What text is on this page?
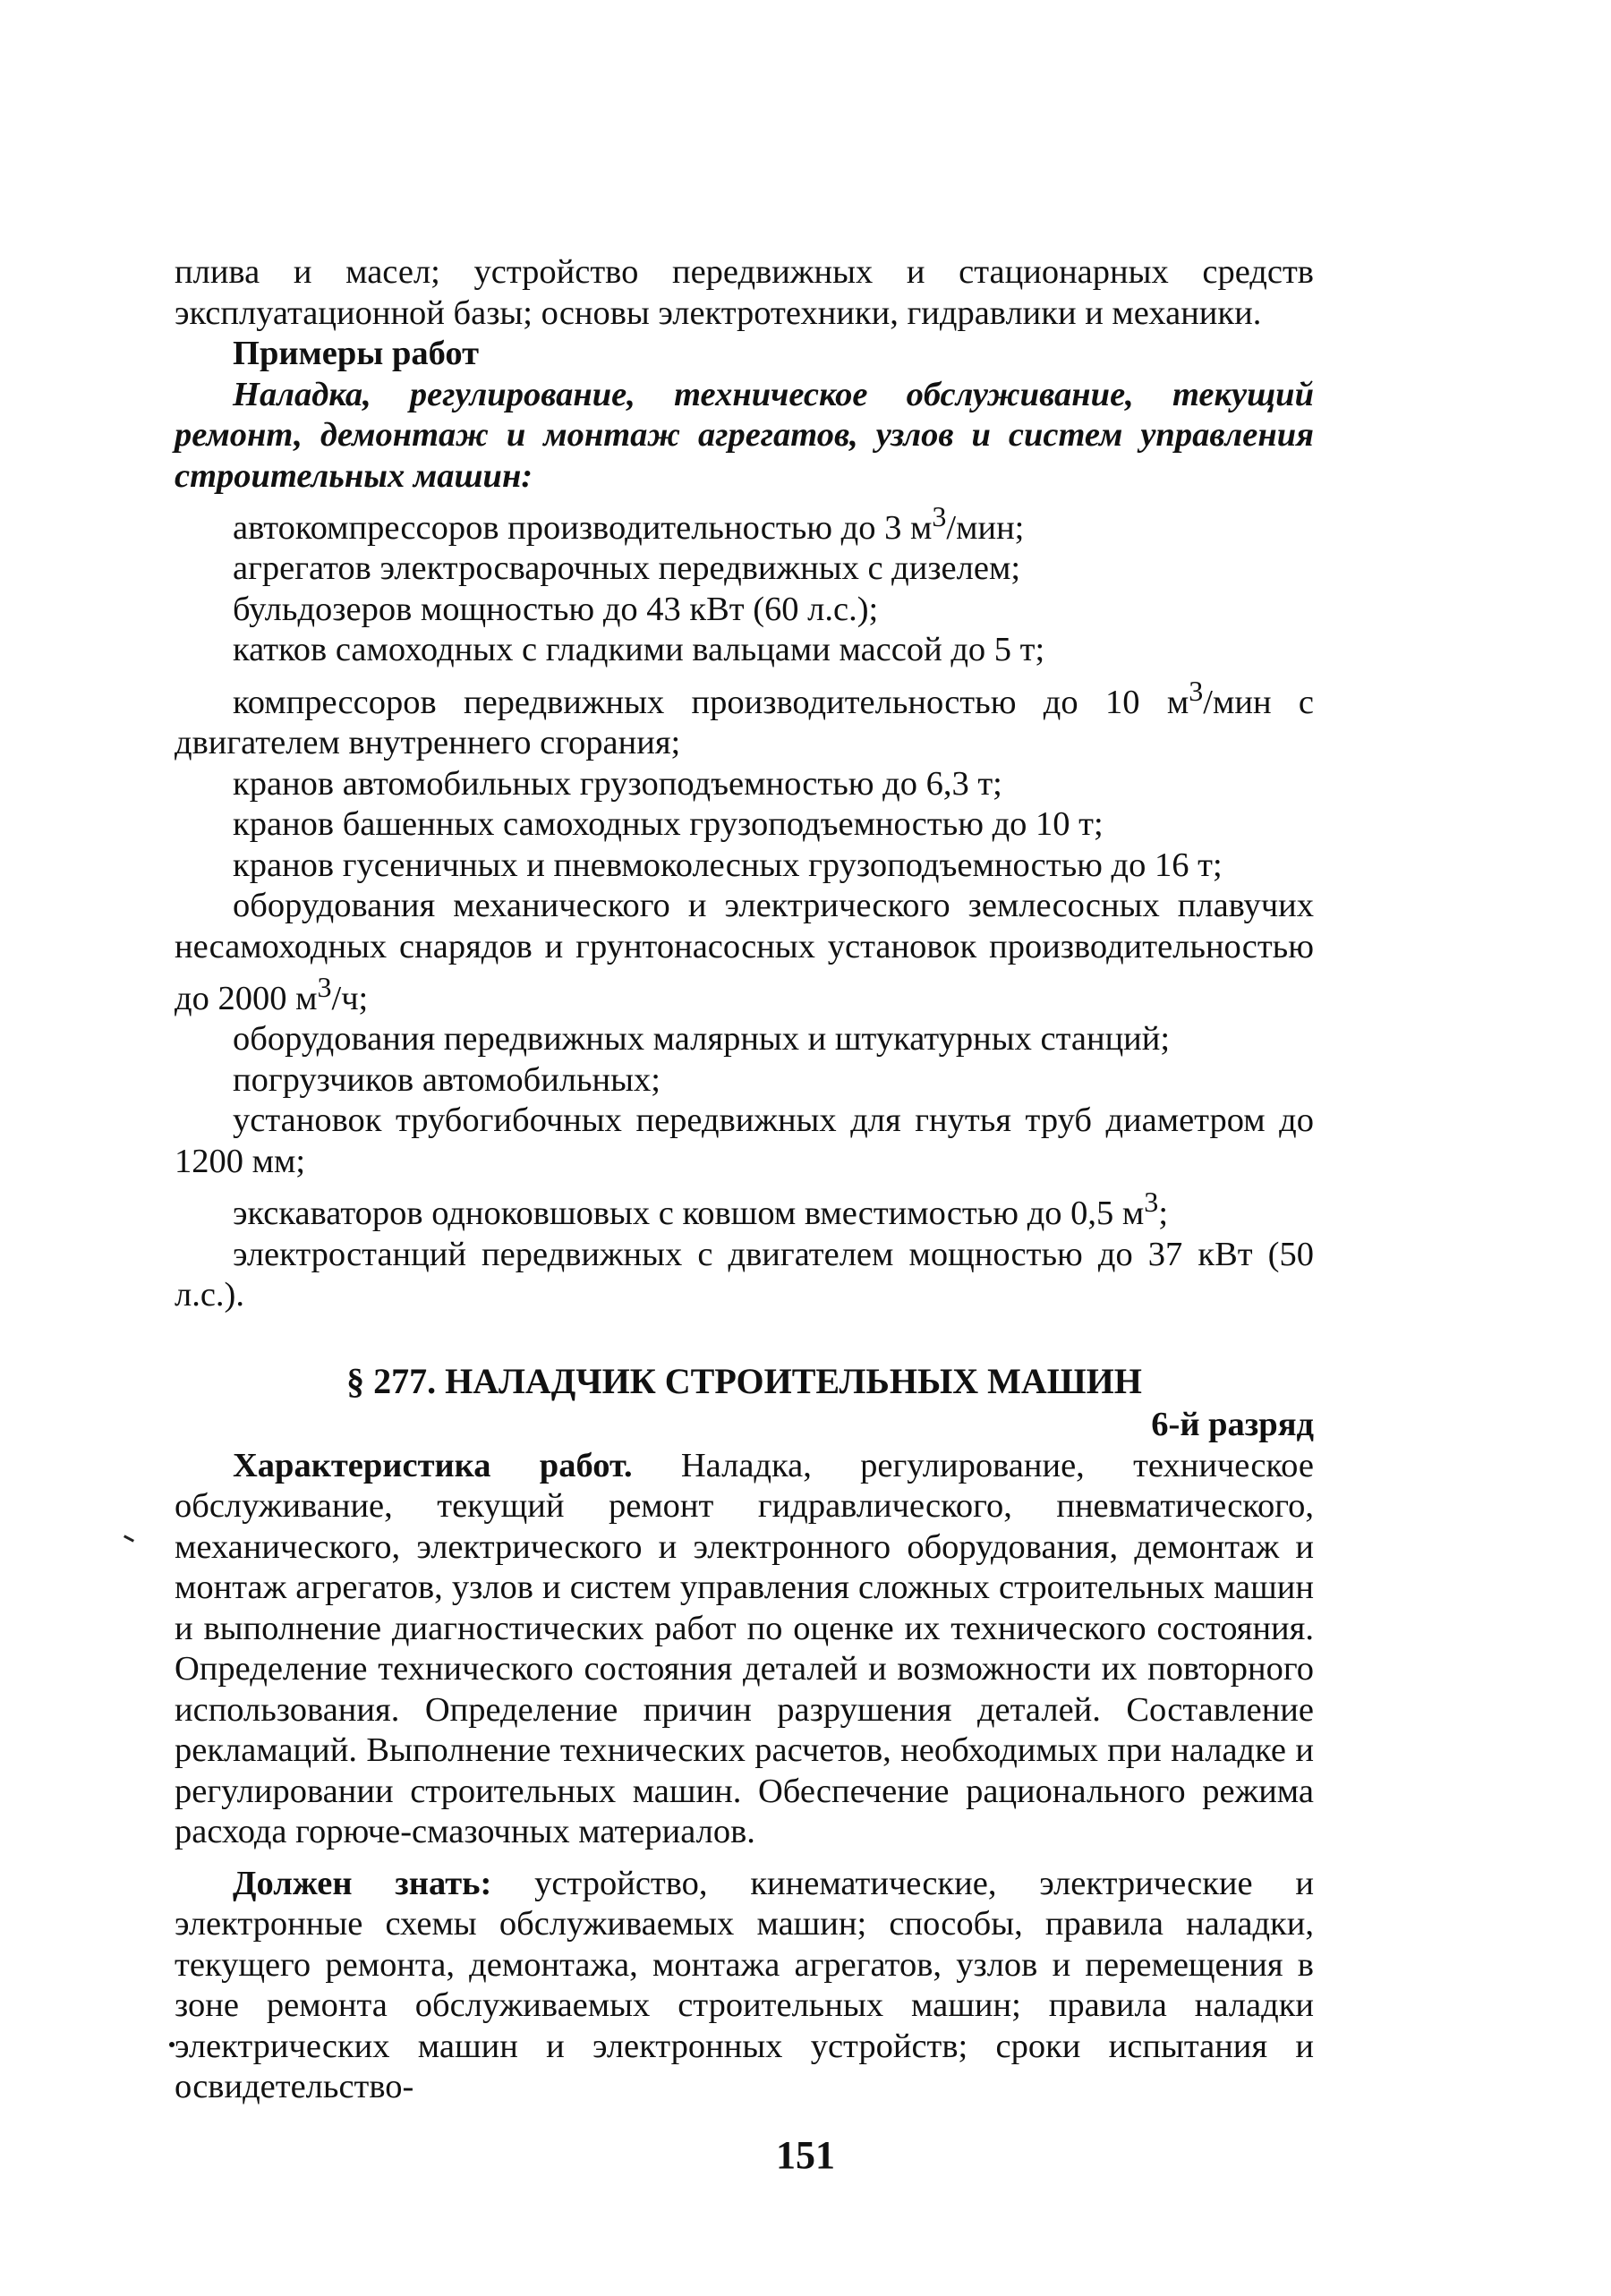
плива и масел; устройство передвижных и стационарных средств эксплуатационной базы; основы электротехники, гидравлики и механики.

Примеры работ

Наладка, регулирование, техническое обслуживание, текущий ремонт, демонтаж и монтаж агрегатов, узлов и систем управления строительных машин:

автокомпрессоров производительностью до 3 $м^3$/мин;

агрегатов электросварочных передвижных с дизелем;

бульдозеров мощностью до 43 кВт (60 л.с.);

катков самоходных с гладкими вальцами массой до 5 т;

компрессоров передвижных производительностью до 10 $м^3$/мин с двигателем внутреннего сгорания;

кранов автомобильных грузоподъемностью до 6,3 т;

кранов башенных самоходных грузоподъемностью до 10 т;

кранов гусеничных и пневмоколесных грузоподъемностью до 16 т;

оборудования механического и электрического землесосных плавучих несамоходных снарядов и грунтонасосных установок производительностью до 2000 $м^3/ч$;

оборудования передвижных малярных и штукатурных станций;

погрузчиков автомобильных;

установок трубогибочных передвижных для гнутья труб диаметром до 1200 мм;

экскаваторов одноковшовых с ковшом вместимостью до 0,5 $м^3$;

электростанций передвижных с двигателем мощностью до 37 кВт (50 л.с.).

§ 277. НАЛАДЧИК СТРОИТЕЛЬНЫХ МАШИН

6-й разряд

Характеристика работ. Наладка, регулирование, техническое обслуживание, текущий ремонт гидравлического, пневматического, механического, электрического и электронного оборудования, демонтаж и монтаж агрегатов, узлов и систем управления сложных строительных машин и выполнение диагностических работ по оценке их технического состояния. Определение технического состояния деталей и возможности их повторного использования. Определение причин разрушения деталей. Составление рекламаций. Выполнение технических расчетов, необходимых при наладке и регулировании строительных машин. Обеспечение рационального режима расхода горюче-смазочных материалов.

Должен знать: устройство, кинематические, электрические и электронные схемы обслуживаемых машин; способы, правила наладки, текущего ремонта, демонтажа, монтажа агрегатов, узлов и перемещения в зоне ремонта обслуживаемых строительных машин; правила наладки электрических машин и электронных устройств; сроки испытания и освидетельство-

151
